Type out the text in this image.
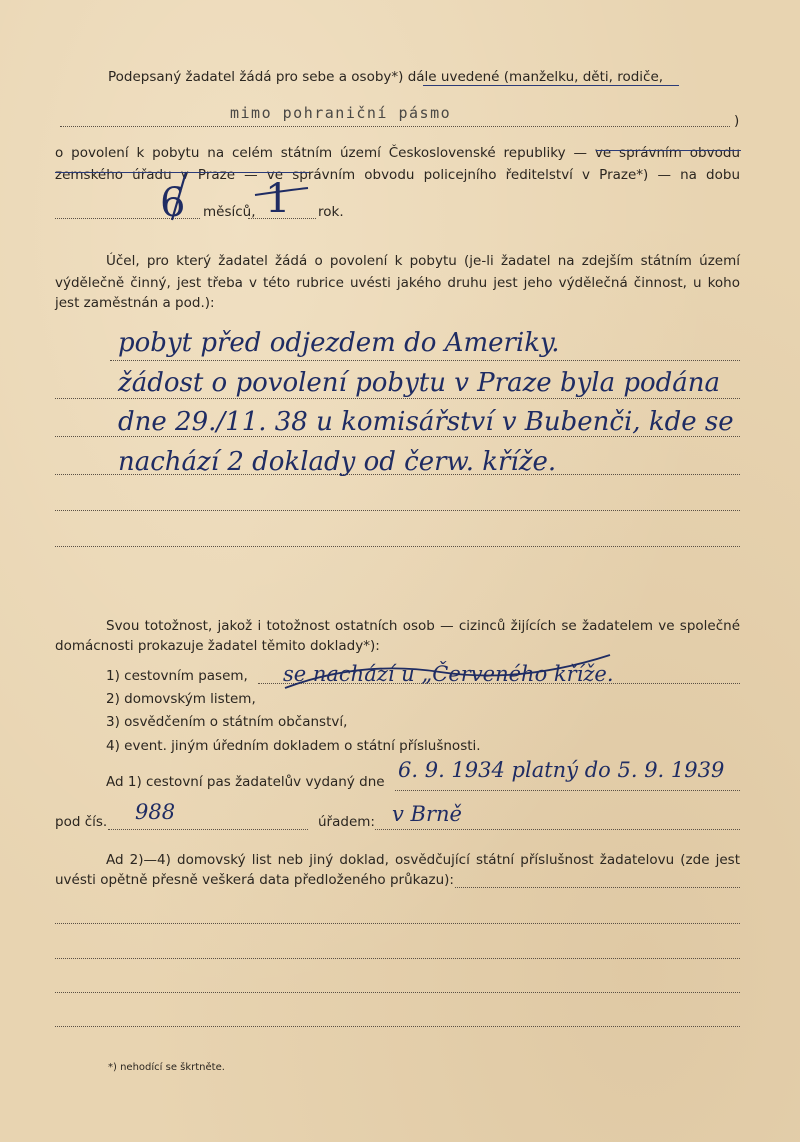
Podepsaný žadatel žádá pro sebe a osoby*) dále uvedené (manželku, děti, rodiče,
mimo pohraniční pásmo	)
o povolení k pobytu na celém státním území Československé republiky — ve správním obvodu
zemského úřadu v Praze — ve správním obvodu policejního ředitelství v Praze*) — na dobu
6 měsíců, 1 rok.
Účel, pro který žadatel žádá o povolení k pobytu (je-li žadatel na zdejším státním území
výdělečně činný, jest třeba v této rubrice uvésti jakého druhu jest jeho výdělečná činnost, u koho
jest zaměstnán a pod.):
pobyt před odjezdem do Ameriky.
žádost o povolení pobytu v Praze byla podána
dne 29./11. 38 u komisářství v Bubenči, kde se
nachází 2 doklady od čerw. kříže.
Svou totožnost, jakož i totožnost ostatních osob — cizinců žijících se žadatelem ve společné
domácnosti prokazuje žadatel těmito doklady*):
1) cestovním pasem, se nachází u „Červeného kříže.
2) domovským listem,
3) osvědčením o státním občanství,
4) event. jiným úředním dokladem o státní příslušnosti.
Ad 1) cestovní pas žadatelův vydaný dne 6. 9. 1934 platný do 5. 9. 1939
pod čís. 988	úřadem: v Brně
Ad 2)—4) domovský list neb jiný doklad, osvědčující státní příslušnost žadatelovu (zde jest
uvésti opětně přesně veškerá data předloženého průkazu):
*) nehodící se škrtněte.
